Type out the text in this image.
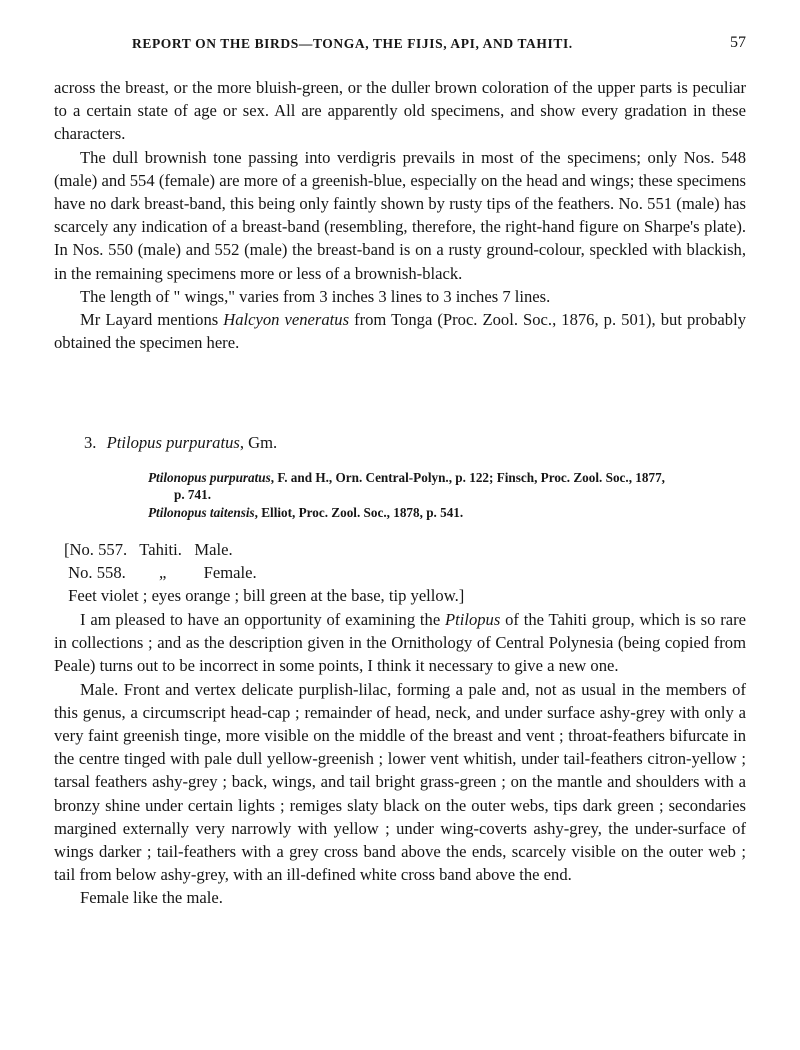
REPORT ON THE BIRDS—TONGA, THE FIJIS, API, AND TAHITI.	57

across the breast, or the more bluish-green, or the duller brown coloration of the upper parts is peculiar to a certain state of age or sex. All are apparently old specimens, and show every gradation in these characters.

The dull brownish tone passing into verdigris prevails in most of the specimens; only Nos. 548 (male) and 554 (female) are more of a greenish-blue, especially on the head and wings; these specimens have no dark breast-band, this being only faintly shown by rusty tips of the feathers. No. 551 (male) has scarcely any indication of a breast-band (resembling, therefore, the right-hand figure on Sharpe's plate). In Nos. 550 (male) and 552 (male) the breast-band is on a rusty ground-colour, speckled with blackish, in the remaining specimens more or less of a brownish-black.

The length of " wings," varies from 3 inches 3 lines to 3 inches 7 lines.

Mr Layard mentions Halcyon veneratus from Tonga (Proc. Zool. Soc., 1876, p. 501), but probably obtained the specimen here.

3. Ptilopus purpuratus, Gm.
Ptilonopus purpuratus, F. and H., Orn. Central-Polyn., p. 122; Finsch, Proc. Zool. Soc., 1877,
p. 741.
Ptilonopus taitensis, Elliot, Proc. Zool. Soc., 1878, p. 541.
[No. 557.   Tahiti.   Male.
No. 558.        „         Female.
Feet violet ; eyes orange ; bill green at the base, tip yellow.]

I am pleased to have an opportunity of examining the Ptilopus of the Tahiti group, which is so rare in collections ; and as the description given in the Ornithology of Central Polynesia (being copied from Peale) turns out to be incorrect in some points, I think it necessary to give a new one.

Male. Front and vertex delicate purplish-lilac, forming a pale and, not as usual in the members of this genus, a circumscript head-cap ; remainder of head, neck, and under surface ashy-grey with only a very faint greenish tinge, more visible on the middle of the breast and vent ; throat-feathers bifurcate in the centre tinged with pale dull yellow-greenish ; lower vent whitish, under tail-feathers citron-yellow ; tarsal feathers ashy-grey ; back, wings, and tail bright grass-green ; on the mantle and shoulders with a bronzy shine under certain lights ; remiges slaty black on the outer webs, tips dark green ; secondaries margined externally very narrowly with yellow ; under wing-coverts ashy-grey, the under-surface of wings darker ; tail-feathers with a grey cross band above the ends, scarcely visible on the outer web ; tail from below ashy-grey, with an ill-defined white cross band above the end.

Female like the male.
